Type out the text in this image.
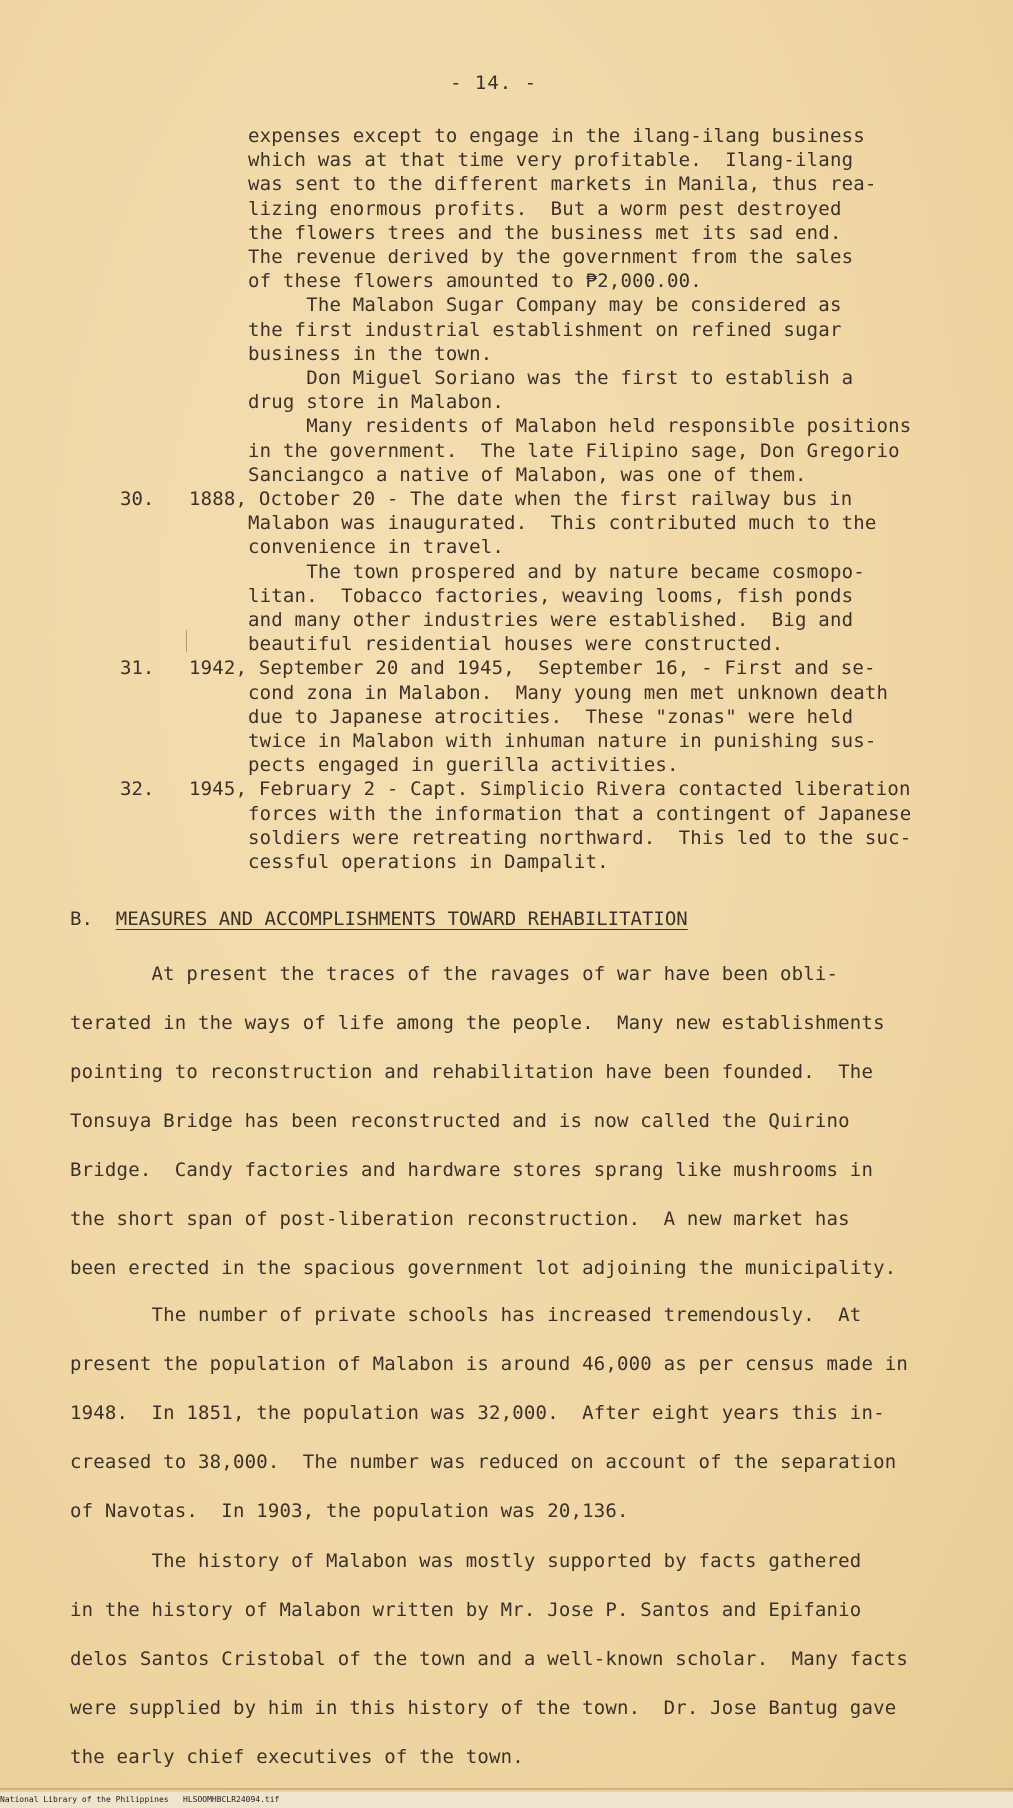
- 14. -
expenses except to engage in the ilang-ilang business
which was at that time very profitable.  Ilang-ilang
was sent to the different markets in Manila, thus rea-
lizing enormous profits.  But a worm pest destroyed
the flowers trees and the business met its sad end.
The revenue derived by the government from the sales
of these flowers amounted to ₱2,000.00.
The Malabon Sugar Company may be considered as
the first industrial establishment on refined sugar
business in the town.
Don Miguel Soriano was the first to establish a
drug store in Malabon.
Many residents of Malabon held responsible positions
in the government.  The late Filipino sage, Don Gregorio
Sanciangco a native of Malabon, was one of them.
30. 1888, October 20 - The date when the first railway bus in
Malabon was inaugurated.  This contributed much to the
convenience in travel.
The town prospered and by nature became cosmopo-
litan.  Tobacco factories, weaving looms, fish ponds
and many other industries were established.  Big and
beautiful residential houses were constructed.
31. 1942, September 20 and 1945,  September 16, - First and se-
cond zona in Malabon.  Many young men met unknown death
due to Japanese atrocities.  These "zonas" were held
twice in Malabon with inhuman nature in punishing sus-
pects engaged in guerilla activities.
32. 1945, February 2 - Capt. Simplicio Rivera contacted liberation
forces with the information that a contingent of Japanese
soldiers were retreating northward.  This led to the suc-
cessful operations in Dampalit.
B. MEASURES AND ACCOMPLISHMENTS TOWARD REHABILITATION
At present the traces of the ravages of war have been obli-
terated in the ways of life among the people.  Many new establishments
pointing to reconstruction and rehabilitation have been founded.  The
Tonsuya Bridge has been reconstructed and is now called the Quirino
Bridge.  Candy factories and hardware stores sprang like mushrooms in
the short span of post-liberation reconstruction.  A new market has
been erected in the spacious government lot adjoining the municipality.
The number of private schools has increased tremendously.  At
present the population of Malabon is around 46,000 as per census made in
1948.  In 1851, the population was 32,000.  After eight years this in-
creased to 38,000.  The number was reduced on account of the separation
of Navotas.  In 1903, the population was 20,136.
The history of Malabon was mostly supported by facts gathered
in the history of Malabon written by Mr. Jose P. Santos and Epifanio
delos Santos Cristobal of the town and a well-known scholar.  Many facts
were supplied by him in this history of the town.  Dr. Jose Bantug gave
the early chief executives of the town.
National Library of the Philippines HLSOOMHBCLR24094.tif
